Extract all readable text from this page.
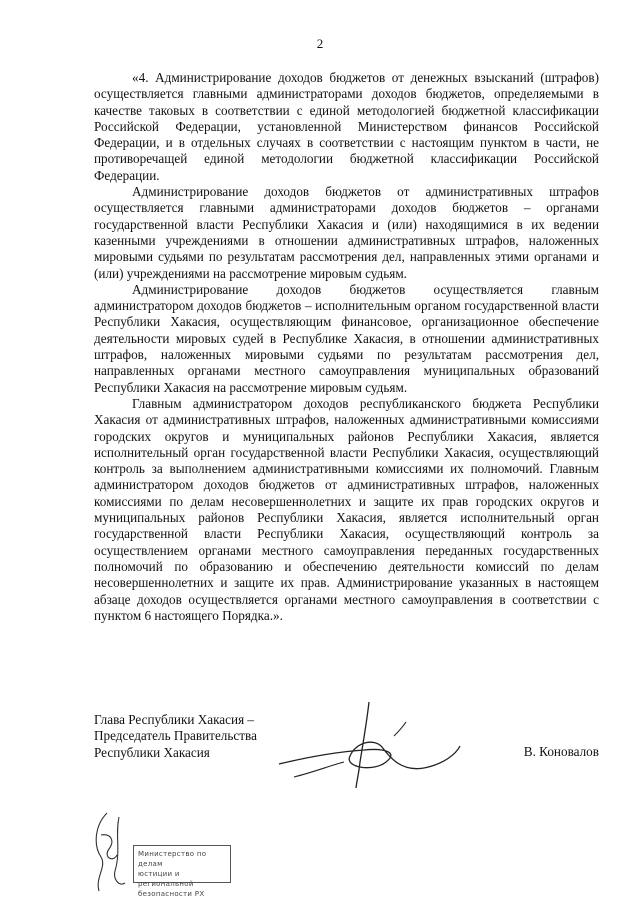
2

«4. Администрирование доходов бюджетов от денежных взысканий (штрафов) осуществляется главными администраторами доходов бюджетов, определяемыми в качестве таковых в соответствии с единой методологией бюджетной классификации Российской Федерации, установленной Министерством финансов Российской Федерации, и в отдельных случаях в соответствии с настоящим пунктом в части, не противоречащей единой методологии бюджетной классификации Российской Федерации.

Администрирование доходов бюджетов от административных штрафов осуществляется главными администраторами доходов бюджетов – органами государственной власти Республики Хакасия и (или) находящимися в их ведении казенными учреждениями в отношении административных штрафов, наложенных мировыми судьями по результатам рассмотрения дел, направленных этими органами и (или) учреждениями на рассмотрение мировым судьям.

Администрирование доходов бюджетов осуществляется главным администратором доходов бюджетов – исполнительным органом государственной власти Республики Хакасия, осуществляющим финансовое, организационное обеспечение деятельности мировых судей в Республике Хакасия, в отношении административных штрафов, наложенных мировыми судьями по результатам рассмотрения дел, направленных органами местного самоуправления муниципальных образований Республики Хакасия на рассмотрение мировым судьям.

Главным администратором доходов республиканского бюджета Республики Хакасия от административных штрафов, наложенных административными комиссиями городских округов и муниципальных районов Республики Хакасия, является исполнительный орган государственной власти Республики Хакасия, осуществляющий контроль за выполнением административными комиссиями их полномочий. Главным администратором доходов бюджетов от административных штрафов, наложенных комиссиями по делам несовершеннолетних и защите их прав городских округов и муниципальных районов Республики Хакасия, является исполнительный орган государственной власти Республики Хакасия, осуществляющий контроль за осуществлением органами местного самоуправления переданных государственных полномочий по образованию и обеспечению деятельности комиссий по делам несовершеннолетних и защите их прав. Администрирование указанных в настоящем абзаце доходов осуществляется органами местного самоуправления в соответствии с пунктом 6 настоящего Порядка.».

Глава Республики Хакасия –
Председатель Правительства
Республики Хакасия	В. Коновалов
Министерство по делам
юстиции и региональной
безопасности РХ
